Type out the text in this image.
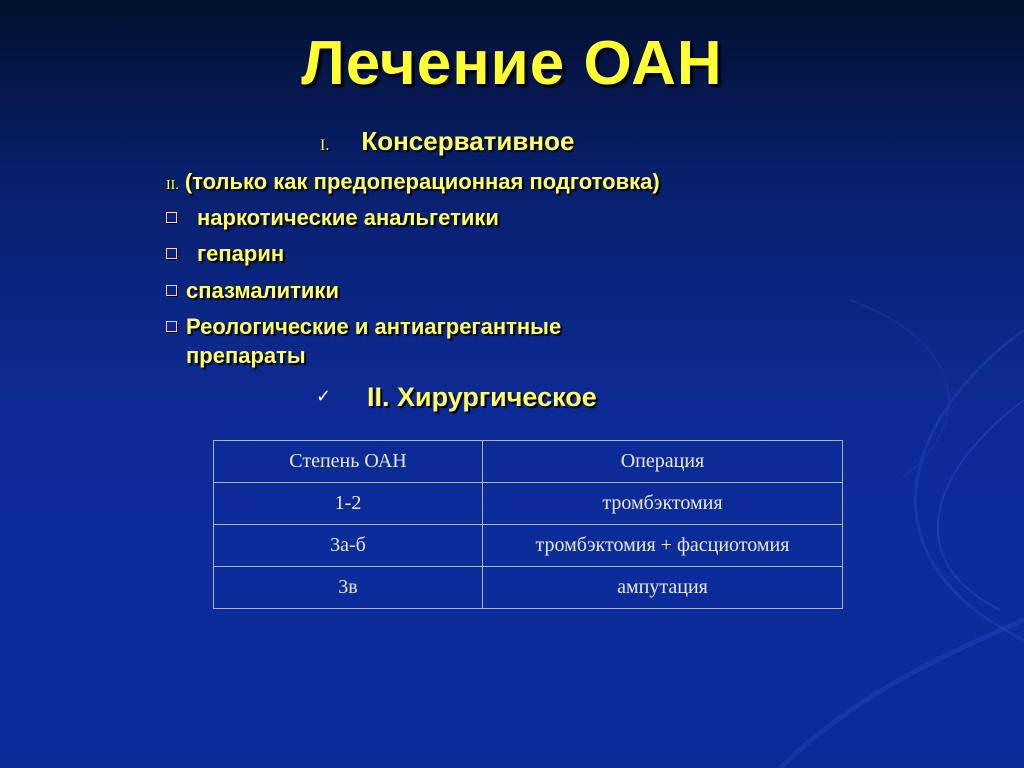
Лечение ОАН
I. Консервативное
II. (только как предоперационная подготовка)
наркотические анальгетики
гепарин
спазмалитики
Реологические и антиагрегантные
препараты
✓ II. Хирургическое
Степень ОАН	Операция
1-2	тромбэктомия
3а-б	тромбэктомия + фасциотомия
3в	ампутация
